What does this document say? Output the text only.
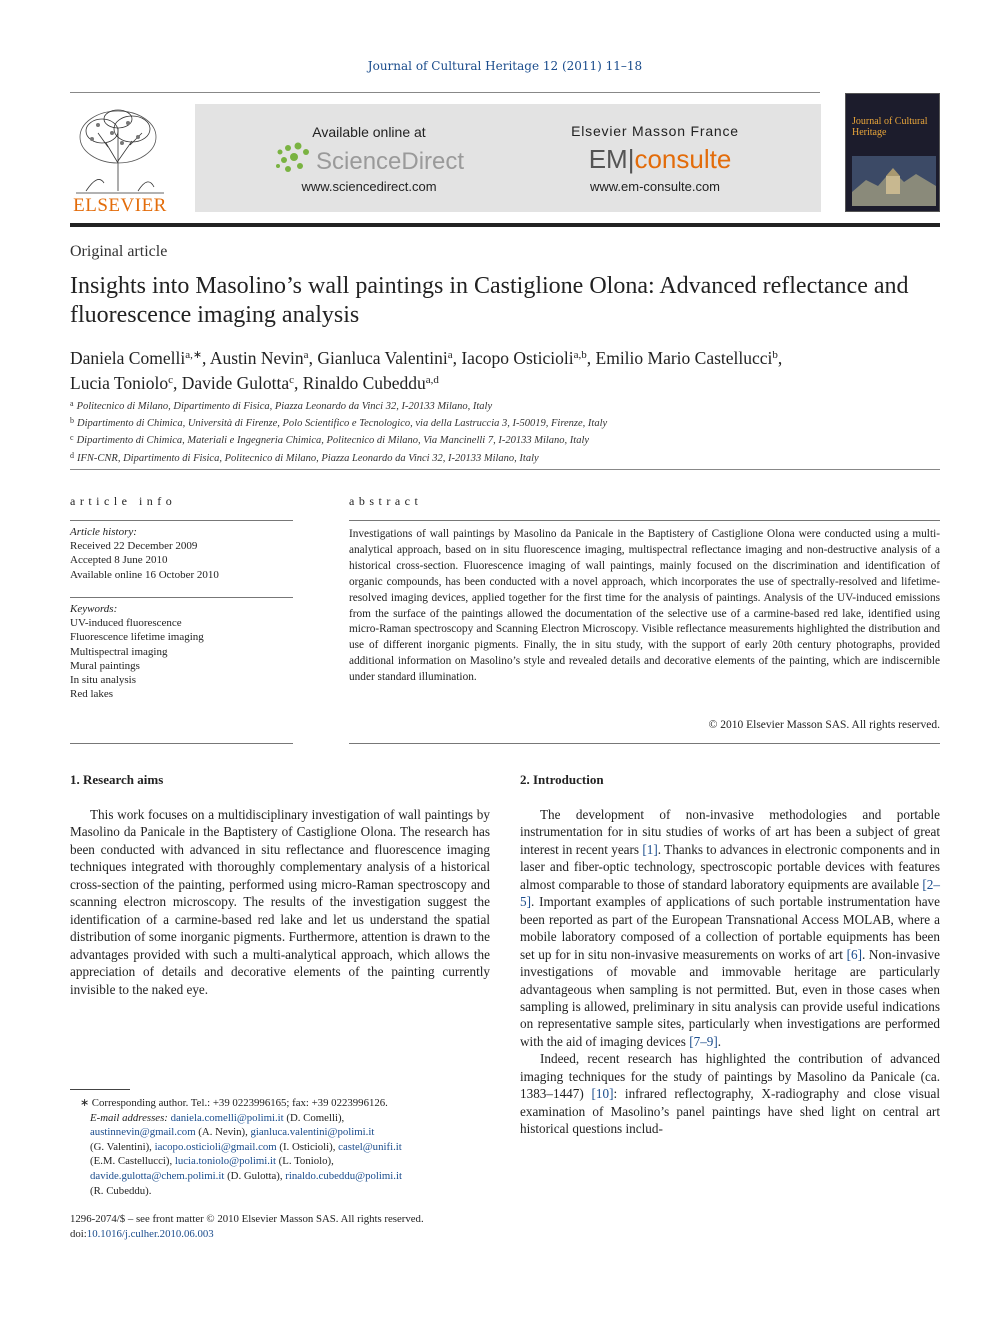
Journal of Cultural Heritage 12 (2011) 11–18
ELSEVIER
Available online at
ScienceDirect
www.sciencedirect.com
Elsevier Masson France
EM|consulte
www.em-consulte.com
Journal of Cultural Heritage
Original article
Insights into Masolino’s wall paintings in Castiglione Olona: Advanced reflectance and fluorescence imaging analysis
Daniela Comelli$^{a,∗}$, Austin Nevin$^a$, Gianluca Valentini$^a$, Iacopo Osticioli$^{a,b}$, Emilio Mario Castellucci$^b$,
Lucia Toniolo$^c$, Davide Gulotta$^c$, Rinaldo Cubeddu$^{a,d}$
$^a$ Politecnico di Milano, Dipartimento di Fisica, Piazza Leonardo da Vinci 32, I-20133 Milano, Italy
$^b$ Dipartimento di Chimica, Università di Firenze, Polo Scientifico e Tecnologico, via della Lastruccia 3, I-50019, Firenze, Italy
$^c$ Dipartimento di Chimica, Materiali e Ingegneria Chimica, Politecnico di Milano, Via Mancinelli 7, I-20133 Milano, Italy
$^d$ IFN-CNR, Dipartimento di Fisica, Politecnico di Milano, Piazza Leonardo da Vinci 32, I-20133 Milano, Italy
article info
Article history:
Received 22 December 2009
Accepted 8 June 2010
Available online 16 October 2010
Keywords:
UV-induced fluorescence
Fluorescence lifetime imaging
Multispectral imaging
Mural paintings
In situ analysis
Red lakes
abstract
Investigations of wall paintings by Masolino da Panicale in the Baptistery of Castiglione Olona were conducted using a multi-analytical approach, based on in situ fluorescence imaging, multispectral reflectance imaging and non-destructive analysis of a historical cross-section. Fluorescence imaging of wall paintings, mainly focused on the discrimination and identification of organic compounds, has been conducted with a novel approach, which incorporates the use of spectrally-resolved and lifetime-resolved imaging devices, applied together for the first time for the analysis of paintings. Analysis of the UV-induced emissions from the surface of the paintings allowed the documentation of the selective use of a carmine-based red lake, identified using micro-Raman spectroscopy and Scanning Electron Microscopy. Visible reflectance measurements highlighted the distribution and use of different inorganic pigments. Finally, the in situ study, with the support of early 20th century photographs, provided additional information on Masolino’s style and revealed details and decorative elements of the painting, which are indiscernible under standard illumination.
© 2010 Elsevier Masson SAS. All rights reserved.
1. Research aims

This work focuses on a multidisciplinary investigation of wall paintings by Masolino da Panicale in the Baptistery of Castiglione Olona. The research has been conducted with advanced in situ reflectance and fluorescence imaging techniques integrated with thoroughly complementary analysis of a historical cross-section of the painting, performed using micro-Raman spectroscopy and scanning electron microscopy. The results of the investigation suggest the identification of a carmine-based red lake and let us understand the spatial distribution of some inorganic pigments. Furthermore, attention is drawn to the advantages provided with such a multi-analytical approach, which allows the appreciation of details and decorative elements of the painting currently invisible to the naked eye.

2. Introduction

The development of non-invasive methodologies and portable instrumentation for in situ studies of works of art has been a subject of great interest in recent years [1]. Thanks to advances in electronic components and in laser and fiber-optic technology, spectroscopic portable devices with features almost comparable to those of standard laboratory equipments are available [2–5]. Important examples of applications of such portable instrumentation have been reported as part of the European Transnational Access MOLAB, where a mobile laboratory composed of a collection of portable equipments has been set up for in situ non-invasive measurements on works of art [6]. Non-invasive investigations of movable and immovable heritage are particularly advantageous when sampling is not permitted. But, even in those cases when sampling is allowed, preliminary in situ analysis can provide useful indications on representative sample sites, particularly when investigations are performed with the aid of imaging devices [7–9].

Indeed, recent research has highlighted the contribution of advanced imaging techniques for the study of paintings by Masolino da Panicale (ca. 1383–1447) [10]: infrared reflectography, X-radiography and close visual examination of Masolino’s panel paintings have shed light on central art historical questions includ-

∗ Corresponding author. Tel.: +39 0223996165; fax: +39 0223996126.
E-mail addresses: daniela.comelli@polimi.it (D. Comelli),
austinnevin@gmail.com (A. Nevin), gianluca.valentini@polimi.it
(G. Valentini), iacopo.osticioli@gmail.com (I. Osticioli), castel@unifi.it
(E.M. Castellucci), lucia.toniolo@polimi.it (L. Toniolo),
davide.gulotta@chem.polimi.it (D. Gulotta), rinaldo.cubeddu@polimi.it
(R. Cubeddu).
1296-2074/$ – see front matter © 2010 Elsevier Masson SAS. All rights reserved.
doi:10.1016/j.culher.2010.06.003
